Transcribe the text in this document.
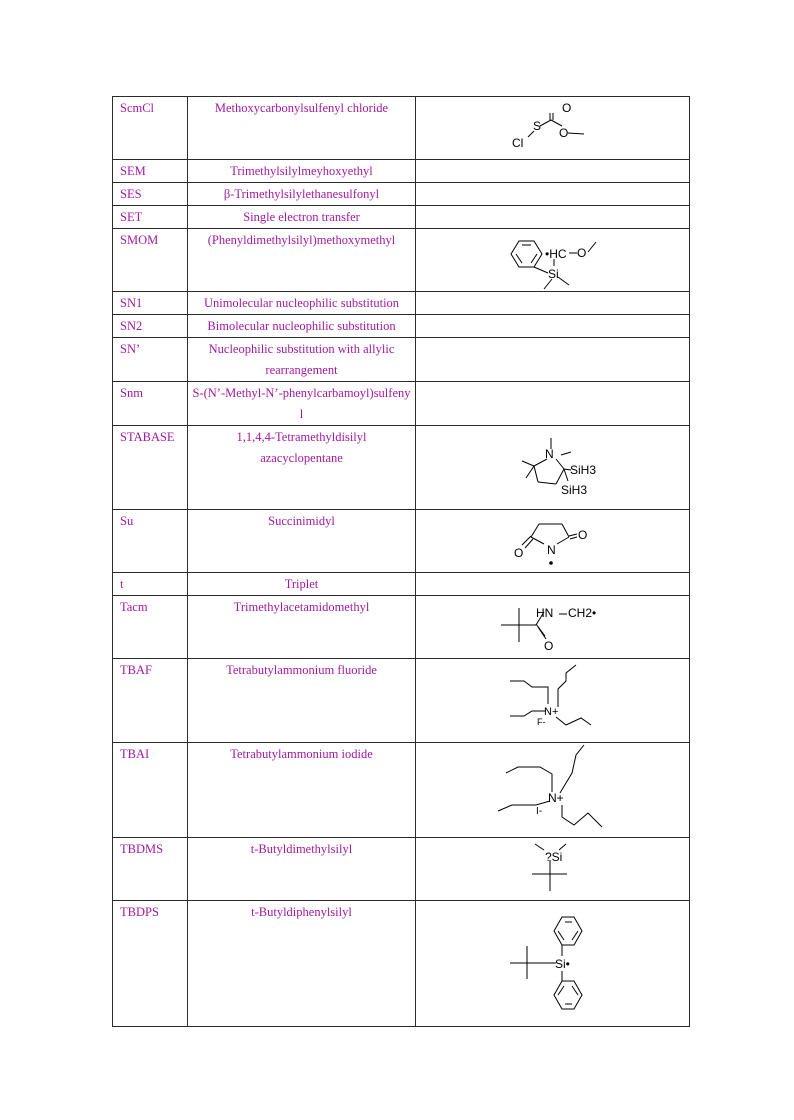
ScmCl	Methoxycarbonylsulfenyl chloride	O
S
Cl
O

SEM	Trimethylsilylmeyhoxyethyl	

SES	β-Trimethylsilylethanesulfonyl	

SET	Single electron transfer	

SMOM	(Phenyldimethylsilyl)methoxymethyl	•HC O
Si

SN1	Unimolecular nucleophilic substitution	

SN2	Bimolecular nucleophilic substitution	

SN’	Nucleophilic substitution with allylic rearrangement	

Snm	S-(N’-Methyl-N’-phenylcarbamoyl)sulfenyl	

STABASE	1,1,4,4-Tetramethyldisilyl azacyclopentane	N
SiH3
SiH3

Su	Succinimidyl	O
O N

t	Triplet	

Tacm	Trimethylacetamidomethyl	HN CH2•
O

TBAF	Tetrabutylammonium fluoride	N+
F-

TBAI	Tetrabutylammonium iodide	N+
I-

TBDMS	t-Butyldimethylsilyl	?Si

TBDPS	t-Butyldiphenylsilyl	Si•
